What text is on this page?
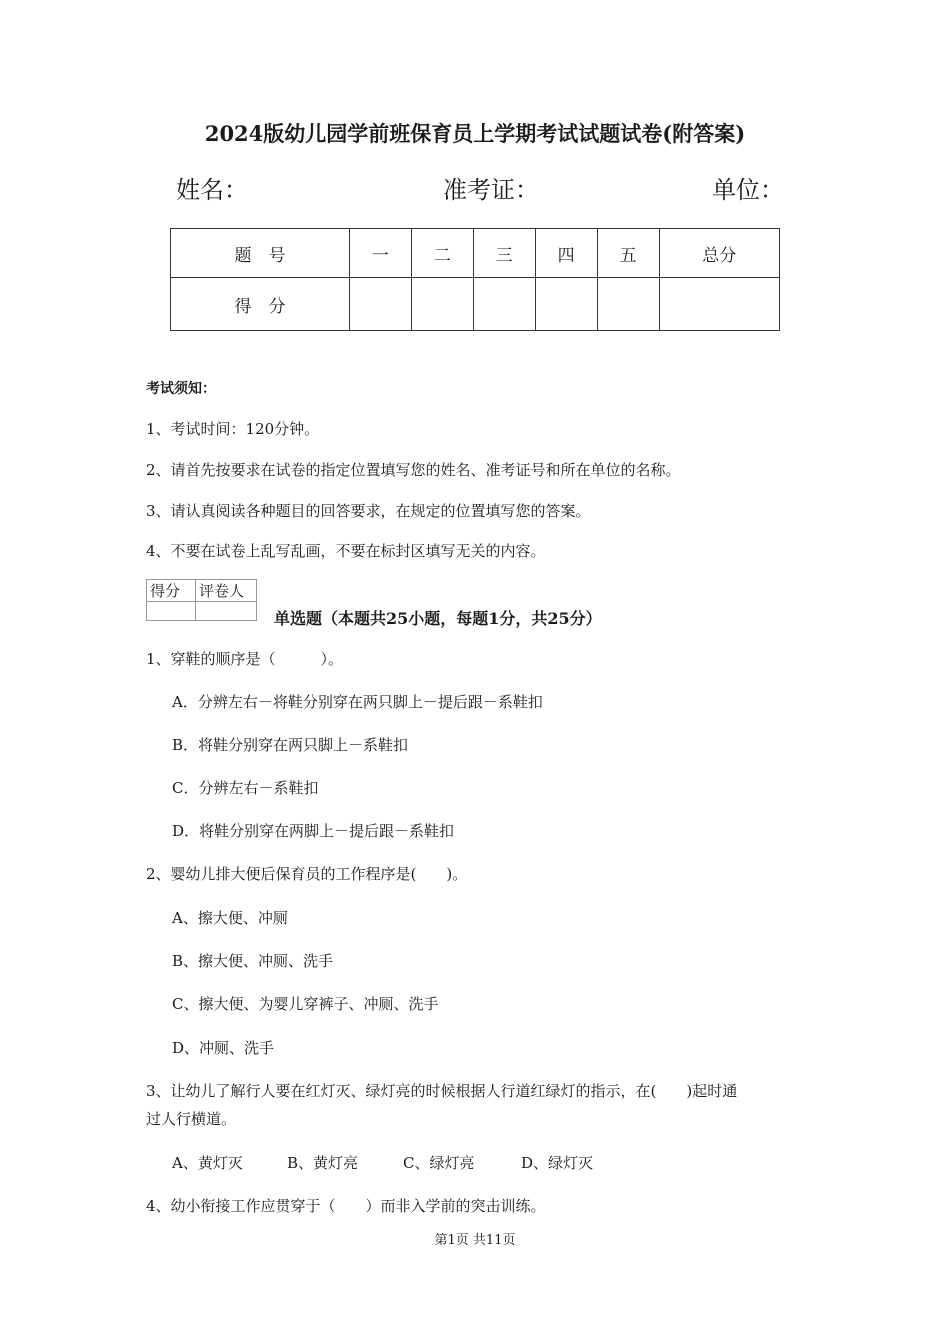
2024版幼儿园学前班保育员上学期考试试题试卷(附答案)
姓名：	准考证：	单位：
题　号	一	二	三	四	五	总分
得　分						
考试须知：
1、考试时间：120分钟。
2、请首先按要求在试卷的指定位置填写您的姓名、准考证号和所在单位的名称。
3、请认真阅读各种题目的回答要求，在规定的位置填写您的答案。
4、不要在试卷上乱写乱画，不要在标封区填写无关的内容。
得分	评卷人

单选题（本题共25小题，每题1分，共25分）
1、穿鞋的顺序是（　　　）。
A．分辨左右－将鞋分别穿在两只脚上－提后跟－系鞋扣
B．将鞋分别穿在两只脚上－系鞋扣
C．分辨左右－系鞋扣
D．将鞋分别穿在两脚上－提后跟－系鞋扣
2、婴幼儿排大便后保育员的工作程序是(　　)。
A、擦大便、冲厕
B、擦大便、冲厕、洗手
C、擦大便、为婴儿穿裤子、冲厕、洗手
D、冲厕、洗手
3、让幼儿了解行人要在红灯灭、绿灯亮的时候根据人行道红绿灯的指示，在(　　)起时通
过人行横道。
A、黄灯灭	B、黄灯亮	C、绿灯亮	D、绿灯灭
4、幼小衔接工作应贯穿于（　　）而非入学前的突击训练。
第1页 共11页
